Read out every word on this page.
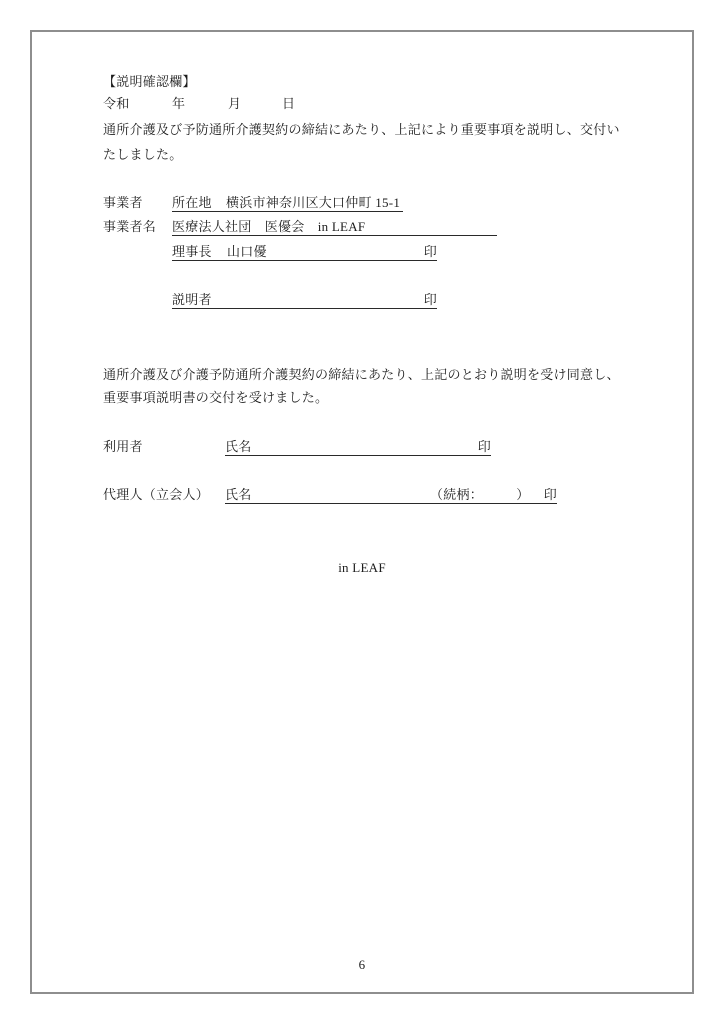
【説明確認欄】
令和	年	月	日
通所介護及び予防通所介護契約の締結にあたり、上記により重要事項を説明し、交付い
たしました。
事業者 所在地 横浜市神奈川区大口仲町 15-1
事業者名 医療法人社団　医優会　in LEAF
理事長 山口優	印
説明者	印
通所介護及び介護予防通所介護契約の締結にあたり、上記のとおり説明を受け同意し、
重要事項説明書の交付を受けました。
利用者	氏名	印
代理人（立会人） 氏名	（続柄：　　　） 印
in LEAF
6
